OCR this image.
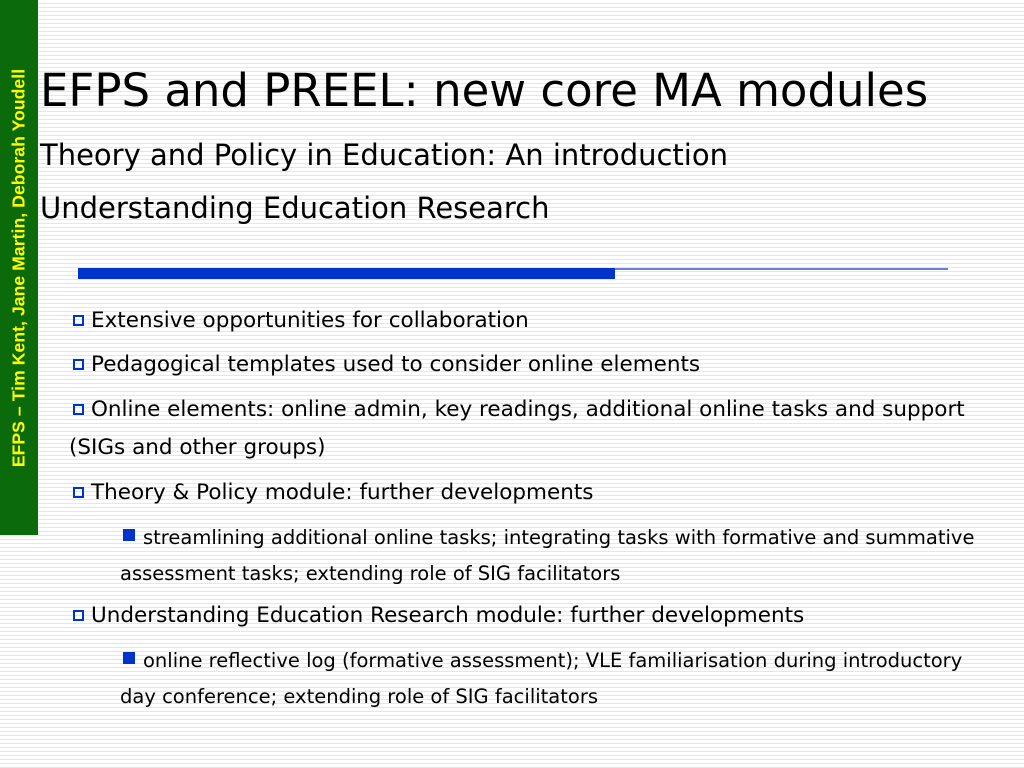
EFPS – Tim Kent, Jane Martin, Deborah Youdell EFPS and PREEL: new core MA modules
Theory and Policy in Education: An introduction
Understanding Education Research
Extensive opportunities for collaboration
Pedagogical templates used to consider online elements
Online elements: online admin, key readings, additional online tasks and support (SIGs and other groups)
Theory & Policy module: further developments
streamlining additional online tasks; integrating tasks with formative and summative assessment tasks; extending role of SIG facilitators
Understanding Education Research module: further developments
online reflective log (formative assessment); VLE familiarisation during introductory day conference; extending role of SIG facilitators
